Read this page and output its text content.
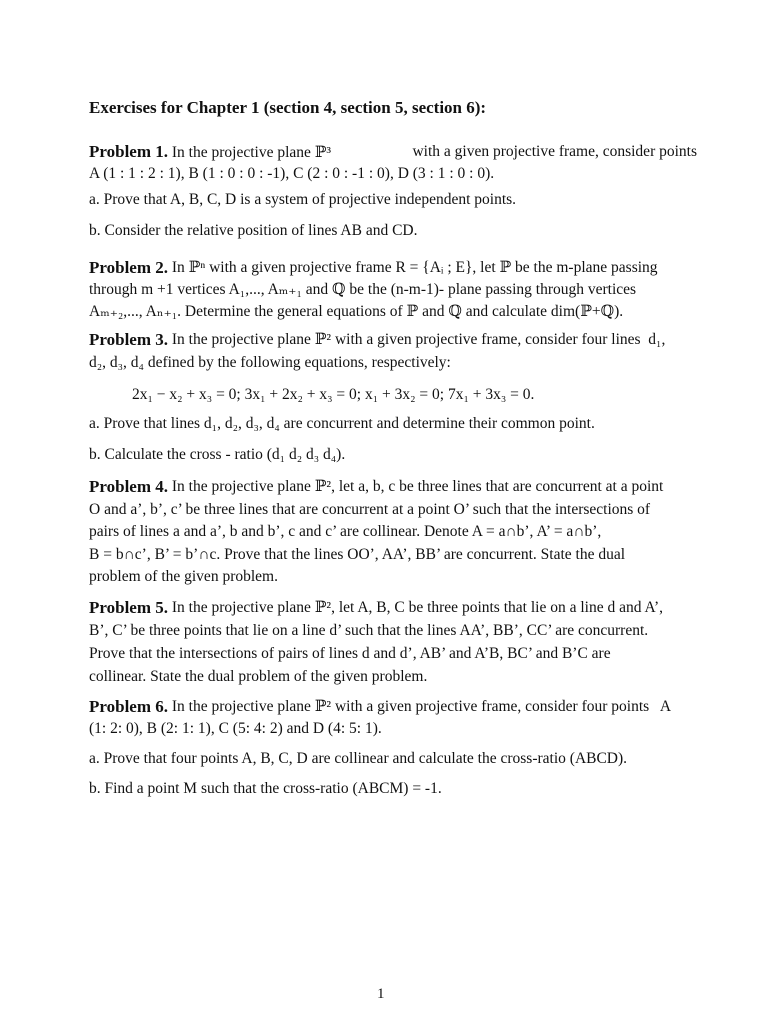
Exercises for Chapter 1 (section 4, section 5, section 6):
Problem 1. In the projective plane ℙ³	with a given projective frame, consider points
A (1 : 1 : 2 : 1), B (1 : 0 : 0 : -1), C (2 : 0 : -1 : 0), D (3 : 1 : 0 : 0).
a. Prove that A, B, C, D is a system of projective independent points.
b. Consider the relative position of lines AB and CD.
Problem 2. In ℙⁿ with a given projective frame R = {Aᵢ ; E}, let ℙ be the m-plane passing
through m +1 vertices A₁,..., Aₘ₊₁ and ℚ be the (n-m-1)- plane passing through vertices
Aₘ₊₂,..., Aₙ₊₁. Determine the general equations of ℙ and ℚ and calculate dim(ℙ+ℚ).
Problem 3. In the projective plane ℙ² with a given projective frame, consider four lines  d₁,
d₂, d₃, d₄ defined by the following equations, respectively:
2x₁ − x₂ + x₃ = 0; 3x₁ + 2x₂ + x₃ = 0; x₁ + 3x₂ = 0; 7x₁ + 3x₃ = 0.
a. Prove that lines d₁, d₂, d₃, d₄ are concurrent and determine their common point.
b. Calculate the cross - ratio (d₁ d₂ d₃ d₄).
Problem 4. In the projective plane ℙ², let a, b, c be three lines that are concurrent at a point
O and a’, b’, c’ be three lines that are concurrent at a point O’ such that the intersections of
pairs of lines a and a’, b and b’, c and c’ are collinear. Denote A = a∩b’, A’ = a∩b’,
B = b∩c’, B’ = b’∩c. Prove that the lines OO’, AA’, BB’ are concurrent. State the dual
problem of the given problem.
Problem 5. In the projective plane ℙ², let A, B, C be three points that lie on a line d and A’,
B’, C’ be three points that lie on a line d’ such that the lines AA’, BB’, CC’ are concurrent.
Prove that the intersections of pairs of lines d and d’, AB’ and A’B, BC’ and B’C are
collinear. State the dual problem of the given problem.
Problem 6. In the projective plane ℙ² with a given projective frame, consider four points   A
(1: 2: 0), B (2: 1: 1), C (5: 4: 2) and D (4: 5: 1).
a. Prove that four points A, B, C, D are collinear and calculate the cross-ratio (ABCD).
b. Find a point M such that the cross-ratio (ABCM) = -1.
1
